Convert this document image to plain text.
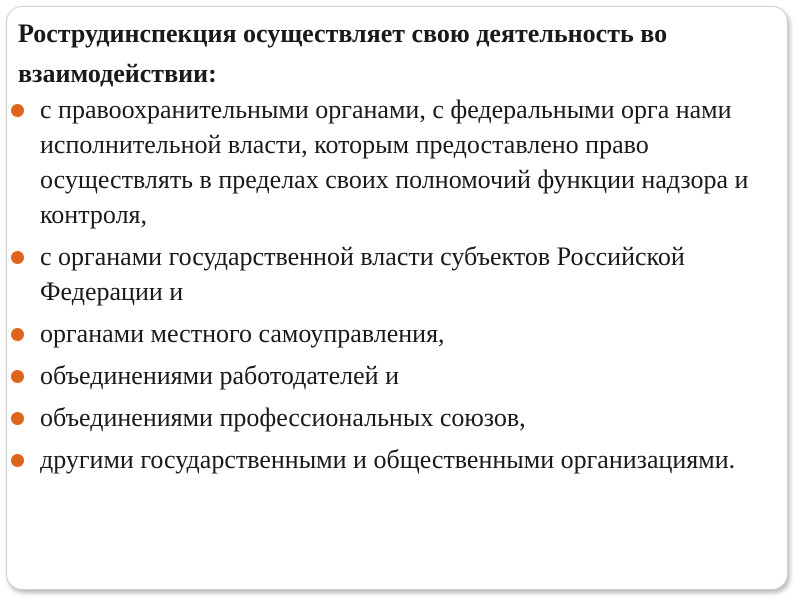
Рострудинспекция осуществляет свою деятельность во взаимодействии:
с правоохранительными органами, с федеральными орга нами исполнительной власти, которым предоставлено право осуществлять в пределах своих полномочий функции надзора и контроля,
с органами государственной власти субъектов Российской Федерации и
органами местного самоуправления,
объединениями работодателей и
объединениями профессиональных союзов,
другими государственными и общественными организациями.
